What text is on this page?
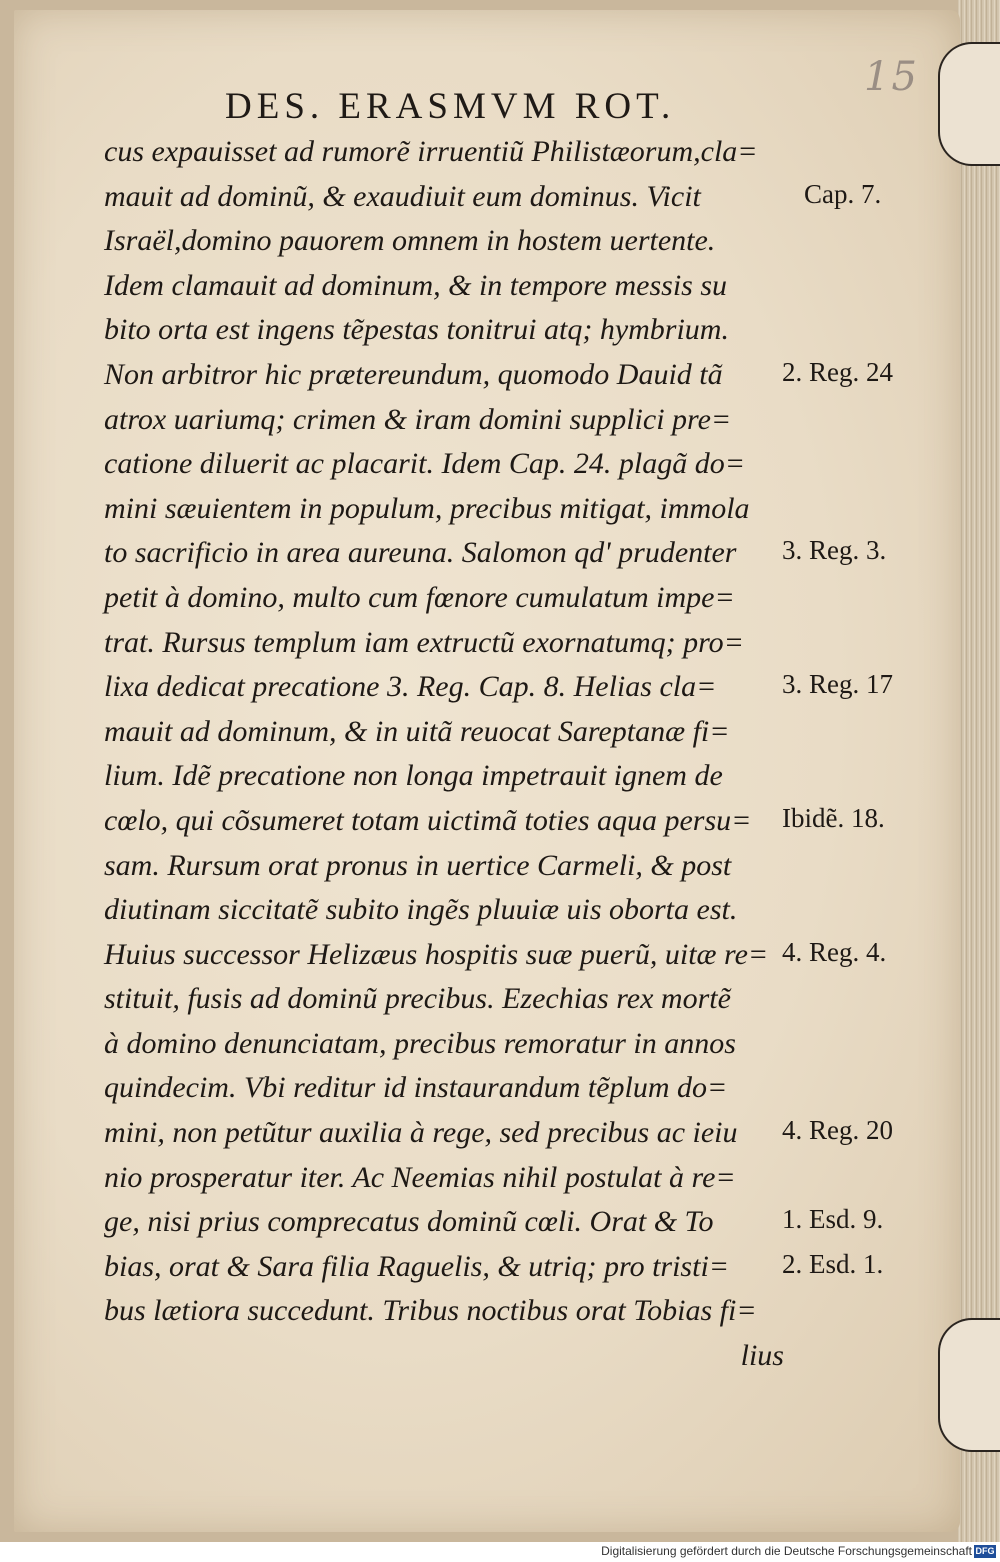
15
DES. ERASMVM ROT.
cus expauisset ad rumorẽ irruentiũ Philistæorum,cla=
mauit ad dominũ, & exaudiuit eum dominus. Vicit
Israël,domino pauorem omnem in hostem uertente.
Idem clamauit ad dominum, & in tempore messis su
bito orta est ingens tẽpestas tonitrui atq; hymbrium.
Non arbitror hic prætereundum, quomodo Dauid tã
atrox uariumq; crimen & iram domini supplici pre=
catione diluerit ac placarit. Idem Cap. 24. plagã do=
mini sæuientem in populum, precibus mitigat, immola
to sacrificio in area aureuna. Salomon qd' prudenter
petit à domino, multo cum fœnore cumulatum impe=
trat. Rursus templum iam extructũ exornatumq; pro=
lixa dedicat precatione 3. Reg. Cap. 8. Helias cla=
mauit ad dominum, & in uitã reuocat Sareptanæ fi=
lium. Idẽ precatione non longa impetrauit ignem de
cœlo, qui cõsumeret totam uictimã toties aqua persu=
sam. Rursum orat pronus in uertice Carmeli, & post
diutinam siccitatẽ subito ingẽs pluuiæ uis oborta est.
Huius successor Helizæus hospitis suæ puerũ, uitæ re=
stituit, fusis ad dominũ precibus. Ezechias rex mortẽ
à domino denunciatam, precibus remoratur in annos
quindecim. Vbi reditur id instaurandum tẽplum do=
mini, non petũtur auxilia à rege, sed precibus ac ieiu
nio prosperatur iter. Ac Neemias nihil postulat à re=
ge, nisi prius comprecatus dominũ cœli. Orat & To
bias, orat & Sara filia Raguelis, & utriq; pro tristi=
bus lætiora succedunt. Tribus noctibus orat Tobias fi=
lius
Cap. 7.
2. Reg. 24
3. Reg. 3.
3. Reg. 17
Ibidẽ. 18.
4. Reg. 4.
4. Reg. 20
1. Esd. 9.
2. Esd. 1.
Digitalisierung gefördert durch die Deutsche Forschungsgemeinschaft DFG
